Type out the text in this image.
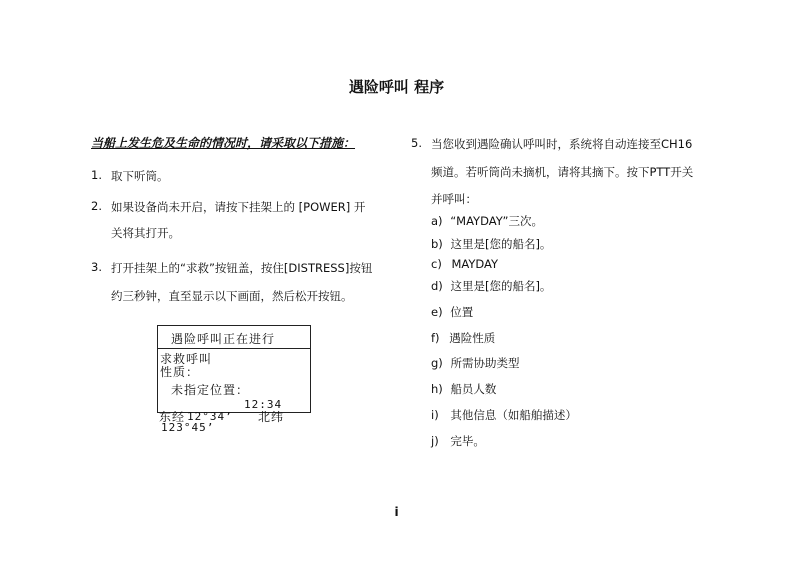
遇险呼叫 程序
当船上发生危及生命的情况时，请采取以下措施：
1. 取下听筒。
2. 如果设备尚未开启，请按下挂架上的 [POWER] 开
关将其打开。
3. 打开挂架上的“求救”按钮盖，按住[DISTRESS]按钮
约三秒钟，直至显示以下画面，然后松开按钮。
遇险呼叫正在进行
求救呼叫
性质：
未指定位置：
12:34
东经 12°34’ 北纬
123°45’
5. 当您收到遇险确认呼叫时，系统将自动连接至CH16
频道。若听筒尚未摘机，请将其摘下。按下PTT开关
并呼叫：
a) “MAYDAY”三次。
b) 这里是[您的船名]。
c) MAYDAY
d) 这里是[您的船名]。
e) 位置
f) 遇险性质
g) 所需协助类型
h) 船员人数
i) 其他信息（如船舶描述）
j) 完毕。
i
